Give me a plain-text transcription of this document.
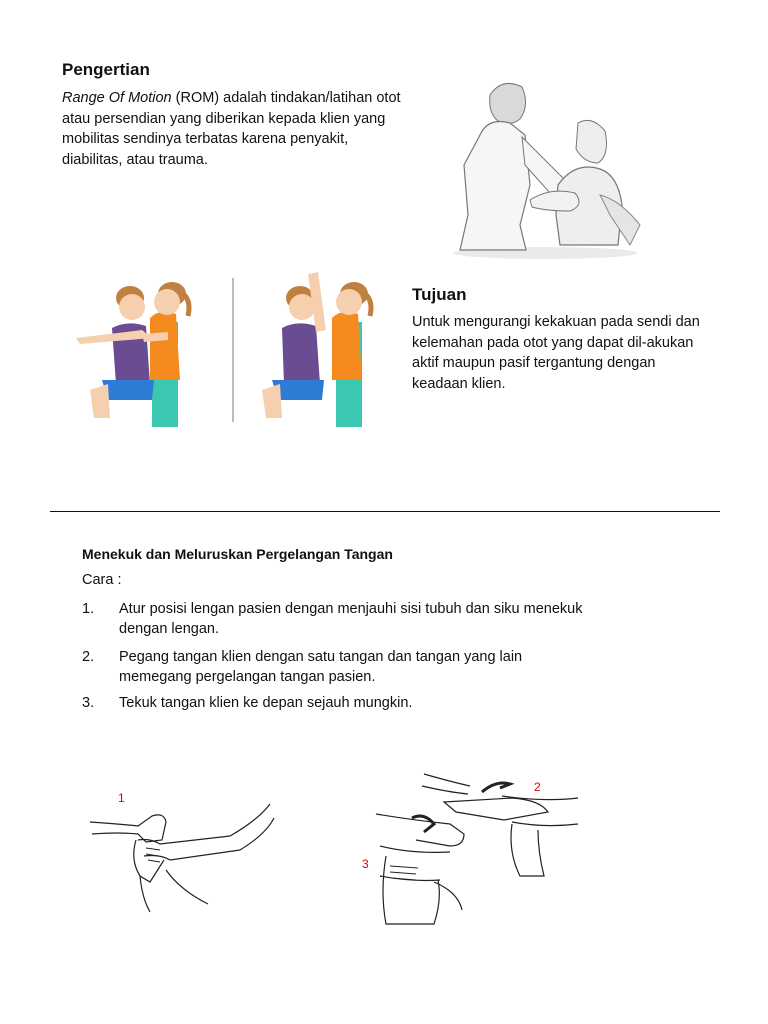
Pengertian

Range Of Motion (ROM) adalah tindakan/latihan otot atau persendian yang diberikan kepada klien yang mobilitas sendinya terbatas karena penyakit, diabilitas, atau trauma.

Tujuan

Untuk mengurangi kekakuan pada sendi dan kelemahan pada otot yang dapat dil-akukan aktif maupun pasif tergantung dengan keadaan klien.

Menekuk dan Meluruskan Pergelangan Tangan
Cara :
1. Atur posisi lengan pasien dengan menjauhi sisi tubuh dan siku menekuk dengan lengan.
2. Pegang tangan klien dengan satu tangan dan tangan yang lain memegang pergelangan tangan pasien.
3. Tekuk tangan klien ke depan sejauh mungkin.
1
2
3
